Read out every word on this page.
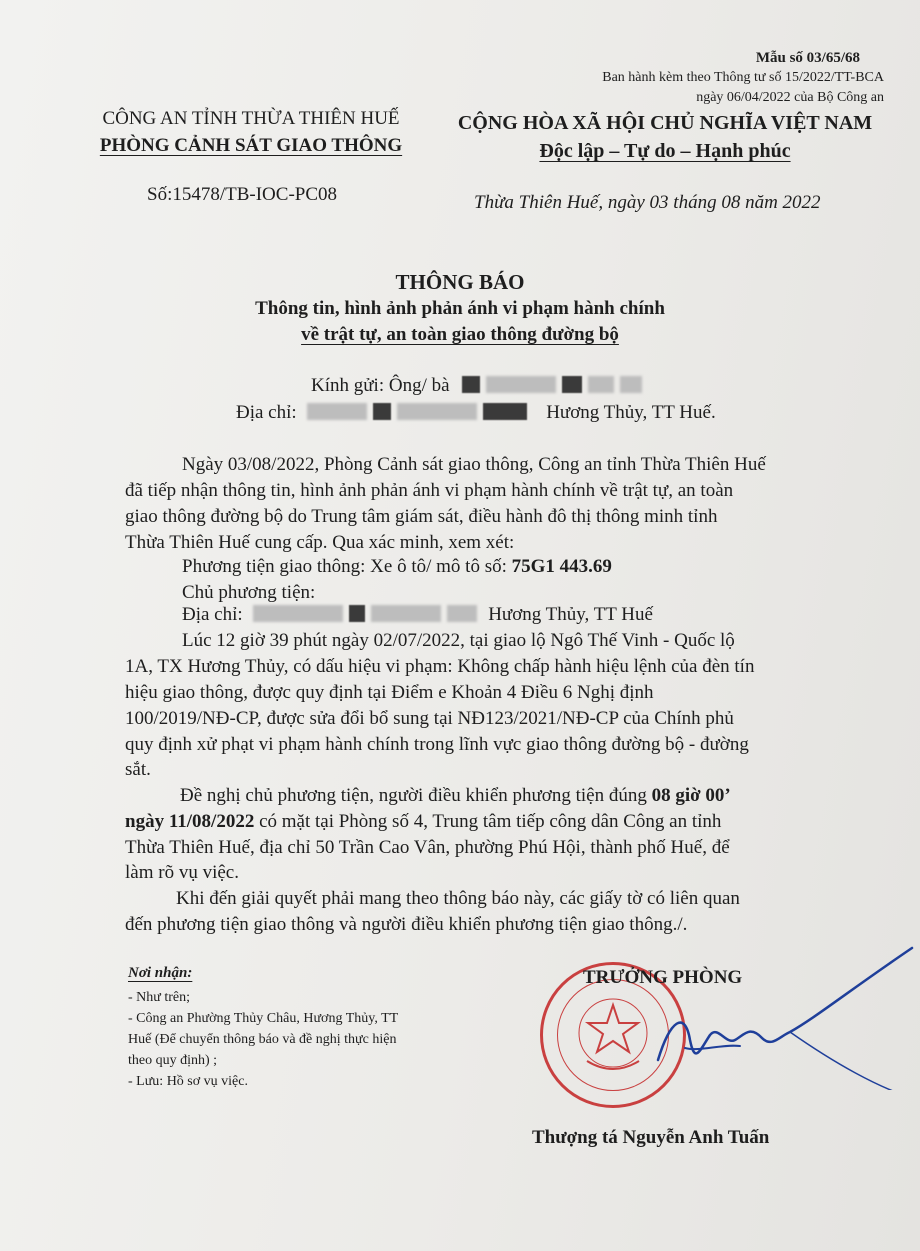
Mẫu số 03/65/68
Ban hành kèm theo Thông tư số 15/2022/TT-BCA
ngày 06/04/2022 của Bộ Công an
CÔNG AN TỈNH THỪA THIÊN HUẾ
PHÒNG CẢNH SÁT GIAO THÔNG
CỘNG HÒA XÃ HỘI CHỦ NGHĨA VIỆT NAM
Độc lập – Tự do – Hạnh phúc
Số:15478/TB-IOC-PC08	Thừa Thiên Huế, ngày 03 tháng 08 năm 2022
THÔNG BÁO
Thông tin, hình ảnh phản ánh vi phạm hành chính
về trật tự, an toàn giao thông đường bộ
Kính gửi: Ông/ bà
Địa chỉ:	Hương Thủy, TT Huế.
Ngày 03/08/2022, Phòng Cảnh sát giao thông, Công an tỉnh Thừa Thiên Huế
đã tiếp nhận thông tin, hình ảnh phản ánh vi phạm hành chính về trật tự, an toàn
giao thông đường bộ do Trung tâm giám sát, điều hành đô thị thông minh tỉnh
Thừa Thiên Huế cung cấp. Qua xác minh, xem xét:
Phương tiện giao thông: Xe ô tô/ mô tô số: 75G1 443.69
Chủ phương tiện:
Địa chỉ:	Hương Thủy, TT Huế
Lúc 12 giờ 39 phút ngày 02/07/2022, tại giao lộ Ngô Thế Vinh - Quốc lộ
1A, TX Hương Thủy, có dấu hiệu vi phạm: Không chấp hành hiệu lệnh của đèn tín
hiệu giao thông, được quy định tại Điểm e Khoản 4 Điều 6 Nghị định
100/2019/NĐ-CP, được sửa đổi bổ sung tại NĐ123/2021/NĐ-CP của Chính phủ
quy định xử phạt vi phạm hành chính trong lĩnh vực giao thông đường bộ - đường
sắt.
Đề nghị chủ phương tiện, người điều khiển phương tiện đúng 08 giờ 00’
ngày 11/08/2022 có mặt tại Phòng số 4, Trung tâm tiếp công dân Công an tỉnh
Thừa Thiên Huế, địa chỉ 50 Trần Cao Vân, phường Phú Hội, thành phố Huế, để
làm rõ vụ việc.
Khi đến giải quyết phải mang theo thông báo này, các giấy tờ có liên quan
đến phương tiện giao thông và người điều khiển phương tiện giao thông./.
Nơi nhận:
- Như trên;
- Công an Phường Thủy Châu, Hương Thủy, TT
Huế (Để chuyển thông báo và đề nghị thực hiện
theo quy định) ;
- Lưu: Hồ sơ vụ việc.
TRƯỞNG PHÒNG
Thượng tá Nguyễn Anh Tuấn
